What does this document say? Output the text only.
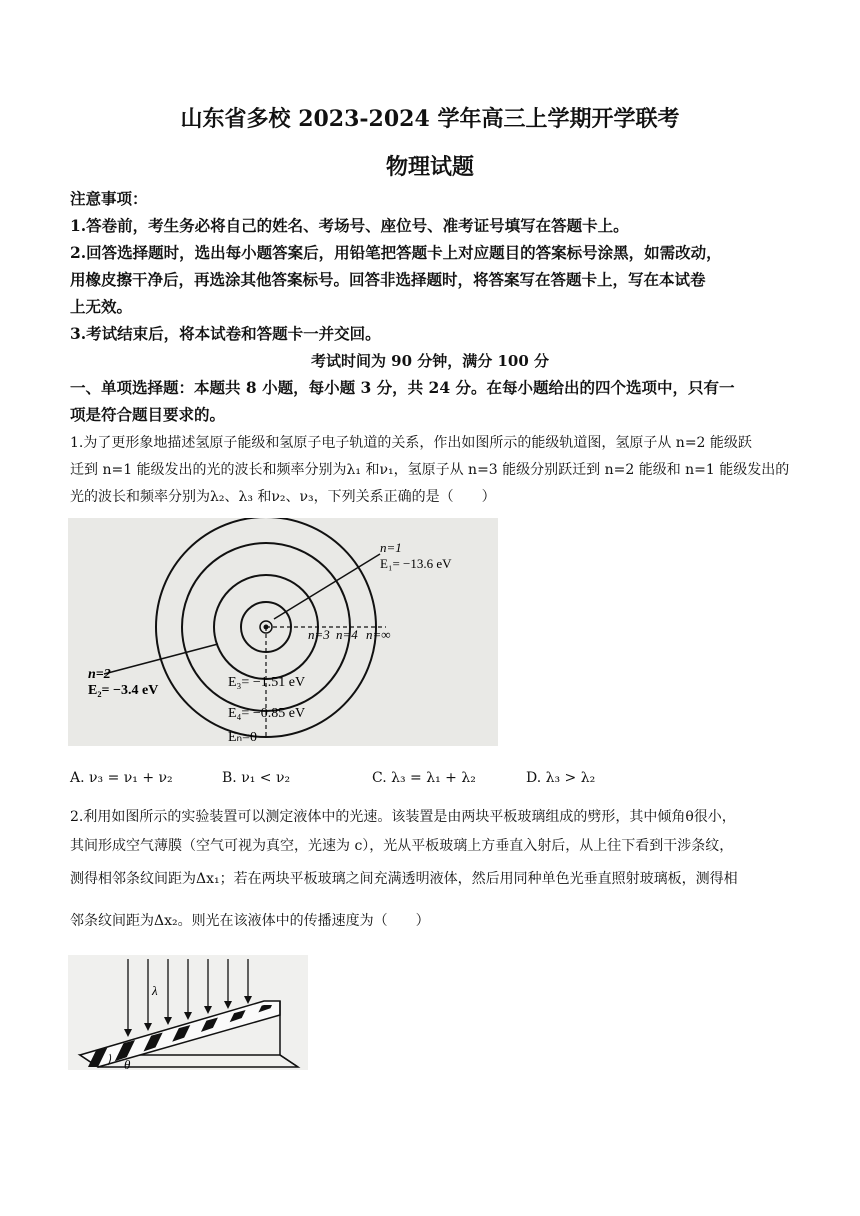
山东省多校 2023-2024 学年高三上学期开学联考
物理试题
注意事项：
1.答卷前，考生务必将自己的姓名、考场号、座位号、准考证号填写在答题卡上。
2.回答选择题时，选出每小题答案后，用铅笔把答题卡上对应题目的答案标号涂黑，如需改动，
用橡皮擦干净后，再选涂其他答案标号。回答非选择题时，将答案写在答题卡上，写在本试卷
上无效。
3.考试结束后，将本试卷和答题卡一并交回。
考试时间为 90 分钟，满分 100 分
一、单项选择题：本题共 8 小题，每小题 3 分，共 24 分。在每小题给出的四个选项中，只有一
项是符合题目要求的。
1.为了更形象地描述氢原子能级和氢原子电子轨道的关系，作出如图所示的能级轨道图，氢原子从 n=2 能级跃
迁到 n=1 能级发出的光的波长和频率分别为λ₁ 和ν₁，氢原子从 n=3 能级分别跃迁到 n=2 能级和 n=1 能级发出的
光的波长和频率分别为λ₂、λ₃ 和ν₂、ν₃，下列关系正确的是（　　）
n=1
E₁= −13.6 eV
n=2
E₂= −3.4 eV
n=3 n=4 n=∞
E₃= −1.51 eV
E₄= −0.85 eV
Eₙ=0
A. ν₃ = ν₁ + ν₂	B. ν₁ < ν₂	C. λ₃ = λ₁ + λ₂	D. λ₃ > λ₂
2.利用如图所示的实验装置可以测定液体中的光速。该装置是由两块平板玻璃组成的劈形，其中倾角θ很小，
其间形成空气薄膜（空气可视为真空，光速为 c），光从平板玻璃上方垂直入射后，从上往下看到干涉条纹，
测得相邻条纹间距为Δx₁；若在两块平板玻璃之间充满透明液体，然后用同种单色光垂直照射玻璃板，测得相
邻条纹间距为Δx₂。则光在该液体中的传播速度为（　　）
λ
θ
